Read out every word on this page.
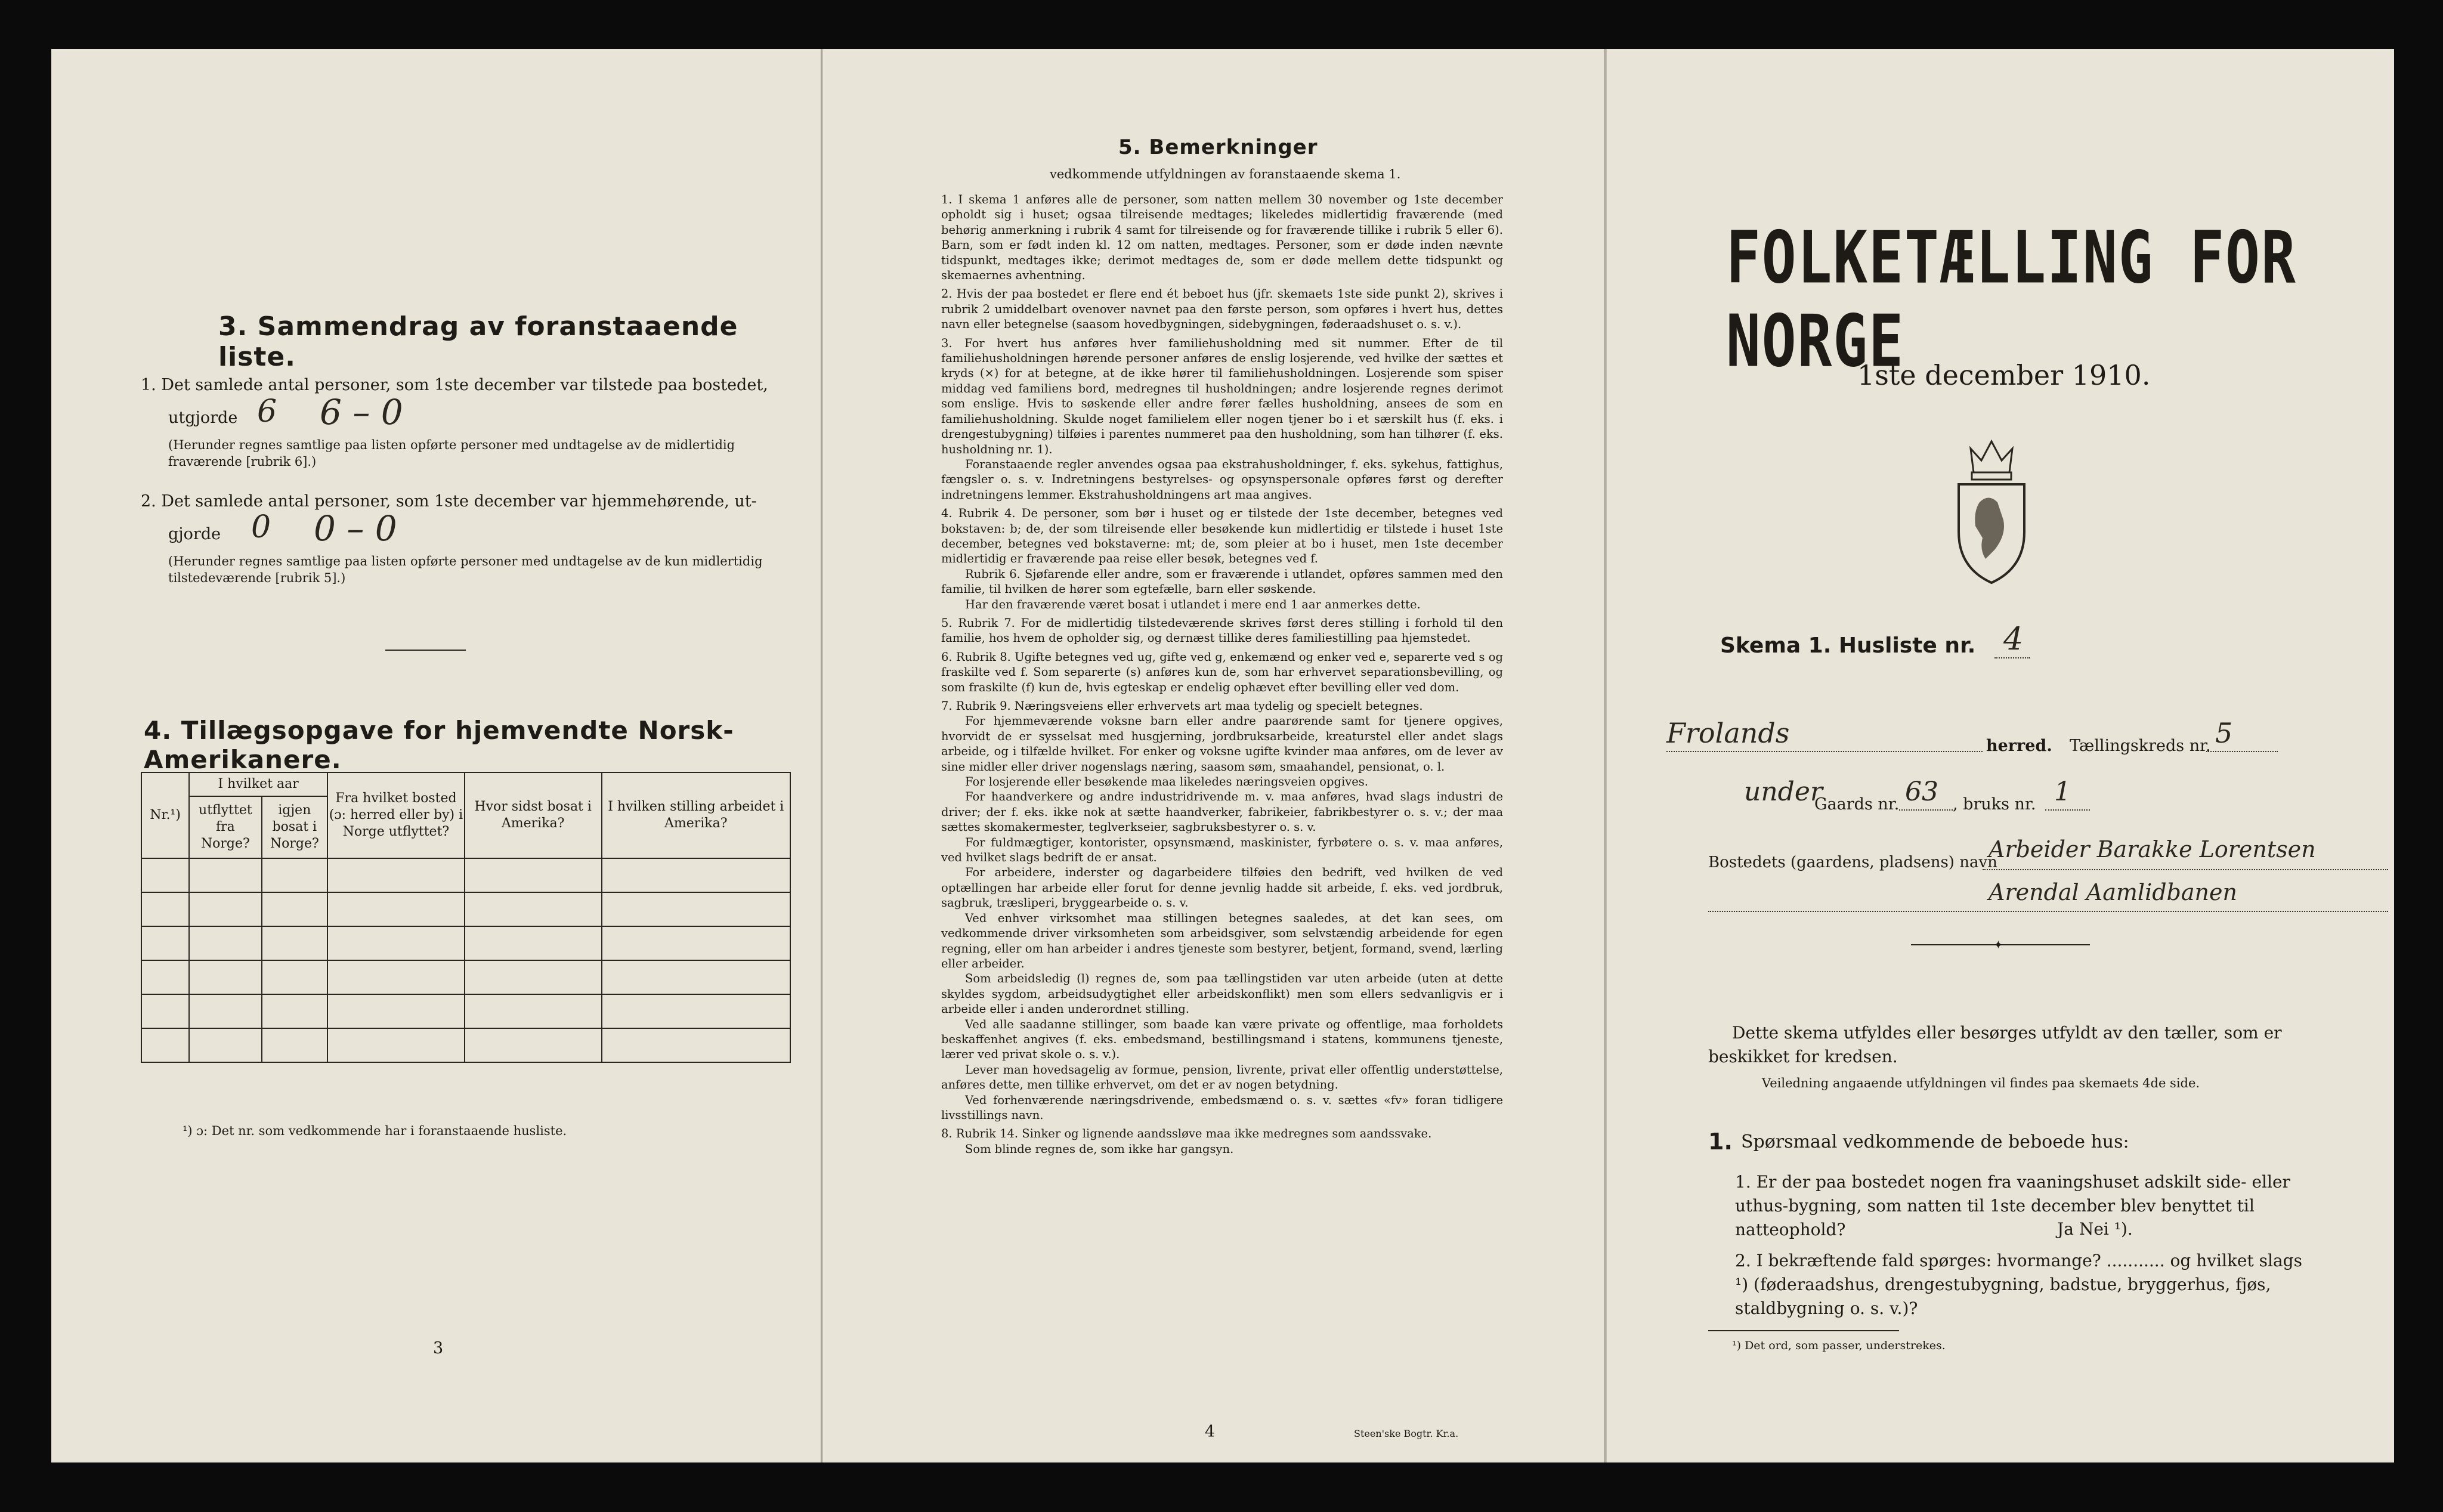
3. Sammendrag av foranstaaende liste.
1. Det samlede antal personer, som 1ste december var tilstede paa bostedet,
utgjorde 6 6 – 0
(Herunder regnes samtlige paa listen opførte personer med undtagelse av de midlertidig fraværende [rubrik 6].)
2. Det samlede antal personer, som 1ste december var hjemmehørende, ut-
gjorde 0 0 – 0
(Herunder regnes samtlige paa listen opførte personer med undtagelse av de kun midlertidig tilstedeværende [rubrik 5].)
4. Tillægsopgave for hjemvendte Norsk-Amerikanere.
Nr.¹)	I hvilket aar		Fra hvilket bosted (ɔ: herred eller by) i Norge utflyttet?	Hvor sidst bosat i Amerika?	I hvilken stilling arbeidet i Amerika?
	utflyttet fra Norge?	igjen bosat i Norge?			

¹) ɔ: Det nr. som vedkommende har i foranstaaende husliste.
3
5. Bemerkninger
vedkommende utfyldningen av foranstaaende skema 1.

1. I skema 1 anføres alle de personer, som natten mellem 30 november og 1ste december opholdt sig i huset; ogsaa tilreisende medtages; likeledes midlertidig fraværende (med behørig anmerkning i rubrik 4 samt for tilreisende og for fraværende tillike i rubrik 5 eller 6). Barn, som er født inden kl. 12 om natten, medtages. Personer, som er døde inden nævnte tidspunkt, medtages ikke; derimot medtages de, som er døde mellem dette tidspunkt og skemaernes avhentning.

2. Hvis der paa bostedet er flere end ét beboet hus (jfr. skemaets 1ste side punkt 2), skrives i rubrik 2 umiddelbart ovenover navnet paa den første person, som opføres i hvert hus, dettes navn eller betegnelse (saasom hovedbygningen, sidebygningen, føderaadshuset o. s. v.).

3. For hvert hus anføres hver familiehusholdning med sit nummer. Efter de til familiehusholdningen hørende personer anføres de enslig losjerende, ved hvilke der sættes et kryds (×) for at betegne, at de ikke hører til familiehusholdningen. Losjerende som spiser middag ved familiens bord, medregnes til husholdningen; andre losjerende regnes derimot som enslige. Hvis to søskende eller andre fører fælles husholdning, ansees de som en familiehusholdning. Skulde noget familielem eller nogen tjener bo i et særskilt hus (f. eks. i drengestubygning) tilføies i parentes nummeret paa den husholdning, som han tilhører (f. eks. husholdning nr. 1).

Foranstaaende regler anvendes ogsaa paa ekstrahusholdninger, f. eks. sykehus, fattighus, fængsler o. s. v. Indretningens bestyrelses- og opsynspersonale opføres først og derefter indretningens lemmer. Ekstrahusholdningens art maa angives.

4. Rubrik 4. De personer, som bør i huset og er tilstede der 1ste december, betegnes ved bokstaven: b; de, der som tilreisende eller besøkende kun midlertidig er tilstede i huset 1ste december, betegnes ved bokstaverne: mt; de, som pleier at bo i huset, men 1ste december midlertidig er fraværende paa reise eller besøk, betegnes ved f.

Rubrik 6. Sjøfarende eller andre, som er fraværende i utlandet, opføres sammen med den familie, til hvilken de hører som egtefælle, barn eller søskende.

Har den fraværende været bosat i utlandet i mere end 1 aar anmerkes dette.

5. Rubrik 7. For de midlertidig tilstedeværende skrives først deres stilling i forhold til den familie, hos hvem de opholder sig, og dernæst tillike deres familiestilling paa hjemstedet.

6. Rubrik 8. Ugifte betegnes ved ug, gifte ved g, enkemænd og enker ved e, separerte ved s og fraskilte ved f. Som separerte (s) anføres kun de, som har erhvervet separationsbevilling, og som fraskilte (f) kun de, hvis egteskap er endelig ophævet efter bevilling eller ved dom.

7. Rubrik 9. Næringsveiens eller erhvervets art maa tydelig og specielt betegnes.

For hjemmeværende voksne barn eller andre paarørende samt for tjenere opgives, hvorvidt de er sysselsat med husgjerning, jordbruksarbeide, kreaturstel eller andet slags arbeide, og i tilfælde hvilket. For enker og voksne ugifte kvinder maa anføres, om de lever av sine midler eller driver nogenslags næring, saasom søm, smaahandel, pensionat, o. l.

For losjerende eller besøkende maa likeledes næringsveien opgives.

For haandverkere og andre industridrivende m. v. maa anføres, hvad slags industri de driver; der f. eks. ikke nok at sætte haandverker, fabrikeier, fabrikbestyrer o. s. v.; der maa sættes skomakermester, teglverkseier, sagbruksbestyrer o. s. v.

For fuldmægtiger, kontorister, opsynsmænd, maskinister, fyrbøtere o. s. v. maa anføres, ved hvilket slags bedrift de er ansat.

For arbeidere, inderster og dagarbeidere tilføies den bedrift, ved hvilken de ved optællingen har arbeide eller forut for denne jevnlig hadde sit arbeide, f. eks. ved jordbruk, sagbruk, træsliperi, bryggearbeide o. s. v.

Ved enhver virksomhet maa stillingen betegnes saaledes, at det kan sees, om vedkommende driver virksomheten som arbeidsgiver, som selvstændig arbeidende for egen regning, eller om han arbeider i andres tjeneste som bestyrer, betjent, formand, svend, lærling eller arbeider.

Som arbeidsledig (l) regnes de, som paa tællingstiden var uten arbeide (uten at dette skyldes sygdom, arbeidsudygtighet eller arbeidskonflikt) men som ellers sedvanligvis er i arbeide eller i anden underordnet stilling.

Ved alle saadanne stillinger, som baade kan være private og offentlige, maa forholdets beskaffenhet angives (f. eks. embedsmand, bestillingsmand i statens, kommunens tjeneste, lærer ved privat skole o. s. v.).

Lever man hovedsagelig av formue, pension, livrente, privat eller offentlig understøttelse, anføres dette, men tillike erhvervet, om det er av nogen betydning.

Ved forhenværende næringsdrivende, embedsmænd o. s. v. sættes «fv» foran tidligere livsstillings navn.

8. Rubrik 14. Sinker og lignende aandssløve maa ikke medregnes som aandssvake.

Som blinde regnes de, som ikke har gangsyn.

4	Steen'ske Bogtr. Kr.a.
FOLKETÆLLING FOR NORGE
1ste december 1910.
Skema 1. Husliste nr. 4
Frolands	herred. Tællingskreds nr. 5
under
Gaards nr. 63 , bruks nr. 1
Bostedets (gaardens, pladsens) navn
Arbeider Barakke Lorentsen
Arendal Aamlidbanen
✦
Dette skema utfyldes eller besørges utfyldt av den tæller, som er beskikket for kredsen.
Veiledning angaaende utfyldningen vil findes paa skemaets 4de side.
1. Spørsmaal vedkommende de beboede hus:
1. Er der paa bostedet nogen fra vaaningshuset adskilt side- eller uthus-bygning, som natten til 1ste december blev benyttet til natteophold?	Ja Nei ¹).
2. I bekræftende fald spørges: hvormange? ........... og hvilket slags ¹) (føderaadshus, drengestubygning, badstue, bryggerhus, fjøs, staldbygning o. s. v.)?
¹) Det ord, som passer, understrekes.
